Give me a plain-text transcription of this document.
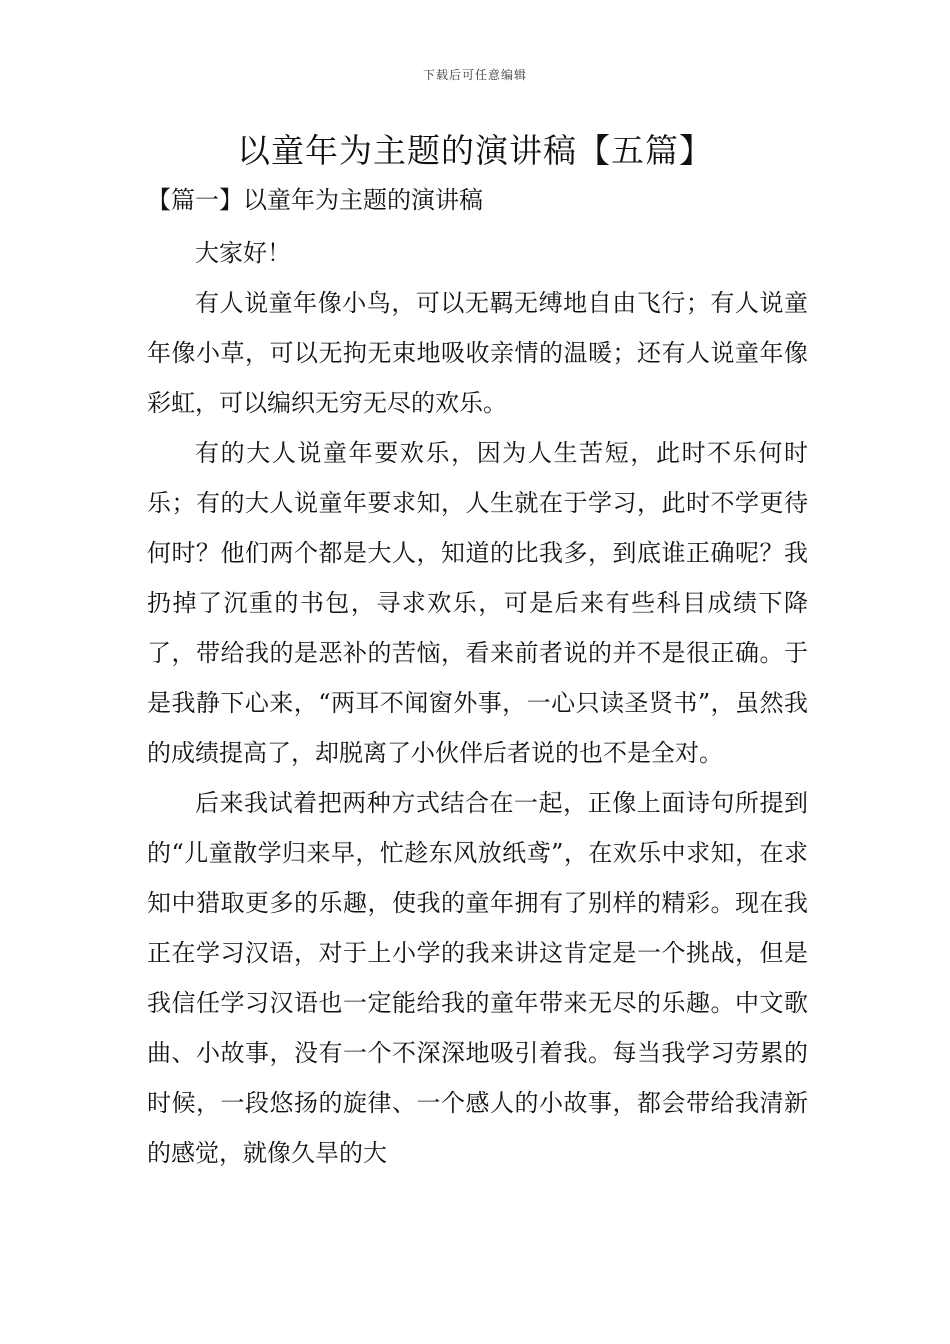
下载后可任意编辑
以童年为主题的演讲稿【五篇】
【篇一】以童年为主题的演讲稿

大家好！

有人说童年像小鸟，可以无羁无缚地自由飞行；有人说童年像小草，可以无拘无束地吸收亲情的温暖；还有人说童年像彩虹，可以编织无穷无尽的欢乐。

有的大人说童年要欢乐，因为人生苦短，此时不乐何时乐；有的大人说童年要求知，人生就在于学习，此时不学更待何时？他们两个都是大人，知道的比我多，到底谁正确呢？我扔掉了沉重的书包，寻求欢乐，可是后来有些科目成绩下降了，带给我的是恶补的苦恼，看来前者说的并不是很正确。于是我静下心来，“两耳不闻窗外事，一心只读圣贤书”，虽然我的成绩提高了，却脱离了小伙伴后者说的也不是全对。

后来我试着把两种方式结合在一起，正像上面诗句所提到的“儿童散学归来早，忙趁东风放纸鸢”，在欢乐中求知，在求知中猎取更多的乐趣，使我的童年拥有了别样的精彩。现在我正在学习汉语，对于上小学的我来讲这肯定是一个挑战，但是我信任学习汉语也一定能给我的童年带来无尽的乐趣。中文歌曲、小故事，没有一个不深深地吸引着我。每当我学习劳累的时候，一段悠扬的旋律、一个感人的小故事，都会带给我清新的感觉，就像久旱的大
